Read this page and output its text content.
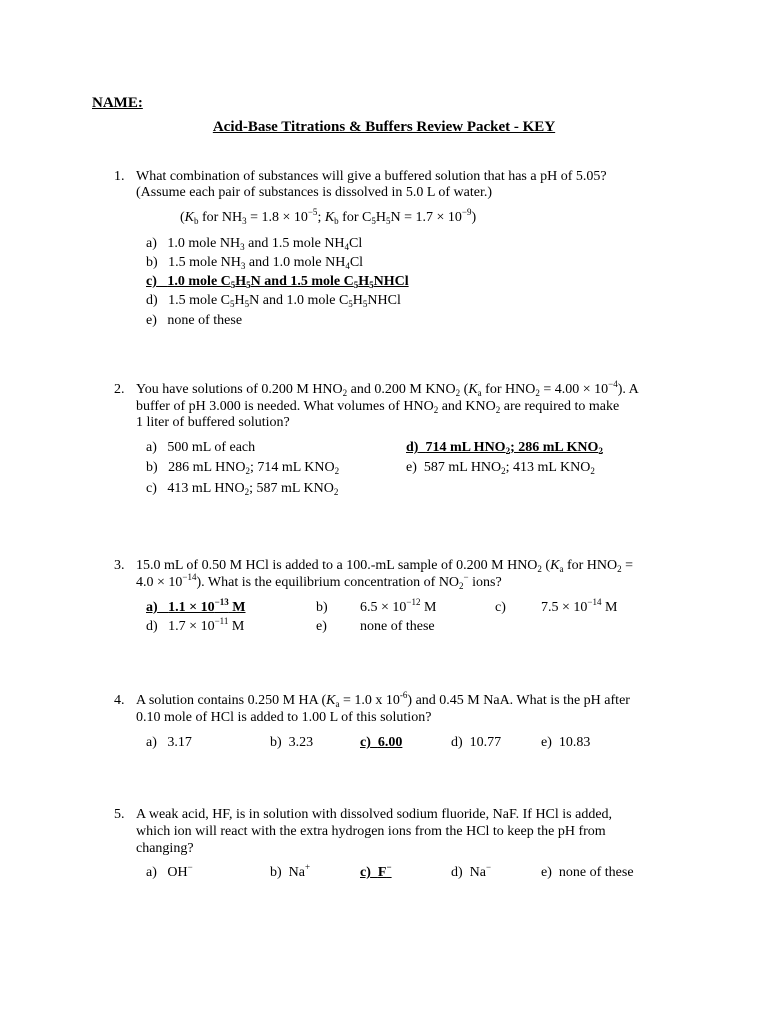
NAME:
Acid-Base Titrations & Buffers Review Packet - KEY
1. What combination of substances will give a buffered solution that has a pH of 5.05?
(Assume each pair of substances is dissolved in 5.0 L of water.)
($K_b$ for $NH_3 = 1.8 \times 10^{-5}$; $K_b$ for $C_5H_5N = 1.7 \times 10^{-9}$)
a) 1.0 mole $NH_3$ and 1.5 mole $NH_4Cl$
b) 1.5 mole $NH_3$ and 1.0 mole $NH_4Cl$
c) 1.0 mole $C_5H_5N$ and 1.5 mole $C_5H_5NHCl$
d) 1.5 mole $C_5H_5N$ and 1.0 mole $C_5H_5NHCl$
e) none of these
2. You have solutions of 0.200 M $HNO_2$ and 0.200 M $KNO_2$ ($K_a$ for $HNO_2 = 4.00 \times 10^{-4}$). A
buffer of pH 3.000 is needed. What volumes of $HNO_2$ and $KNO_2$ are required to make
1 liter of buffered solution?
a) 500 mL of each
b) 286 mL $HNO_2$; 714 mL $KNO_2$
c) 413 mL $HNO_2$; 587 mL $KNO_2$
d) 714 mL $HNO_2$; 286 mL $KNO_2$
e) 587 mL $HNO_2$; 413 mL $KNO_2$
3. 15.0 mL of 0.50 M HCl is added to a 100.-mL sample of 0.200 M $HNO_2$ ($K_a$ for $HNO_2$ =
$4.0 \times 10^{-14}$). What is the equilibrium concentration of $NO_2^-$ ions?
a) $1.1 \times 10^{-13}$ M	b) $6.5 \times 10^{-12}$ M	c)	$7.5 \times 10^{-14}$ M
d) $1.7 \times 10^{-11}$ M	e) none of these
4. A solution contains 0.250 M HA ($K_a = 1.0$ x $10^{-6}$) and 0.45 M NaA. What is the pH after
0.10 mole of HCl is added to 1.00 L of this solution?
a) 3.17	b) 3.23	c) 6.00	d) 10.77	e) 10.83
5. A weak acid, HF, is in solution with dissolved sodium fluoride, NaF. If HCl is added,
which ion will react with the extra hydrogen ions from the HCl to keep the pH from
changing?
a) OH−	b) Na+	c) F−	d) Na−	e) none of these
